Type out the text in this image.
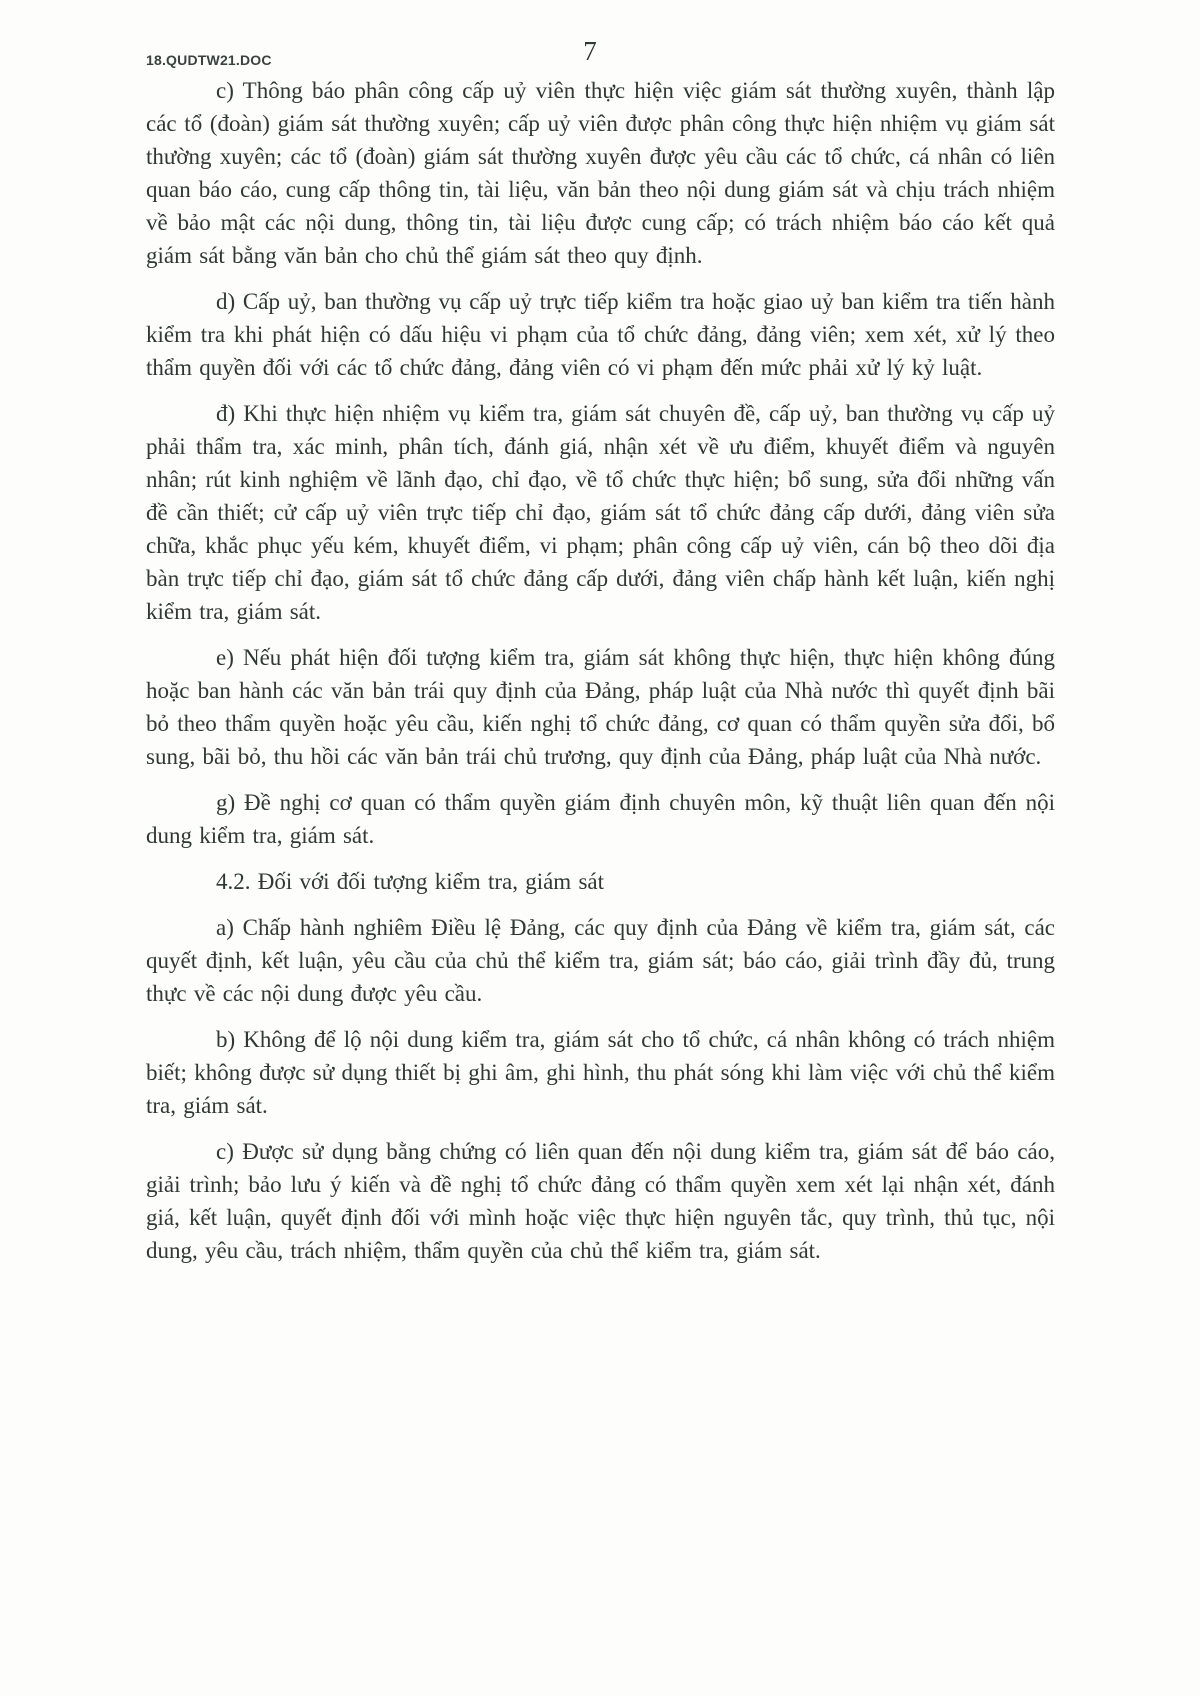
18.QUDTW21.DOC	7

c) Thông báo phân công cấp uỷ viên thực hiện việc giám sát thường xuyên, thành lập các tổ (đoàn) giám sát thường xuyên; cấp uỷ viên được phân công thực hiện nhiệm vụ giám sát thường xuyên; các tổ (đoàn) giám sát thường xuyên được yêu cầu các tổ chức, cá nhân có liên quan báo cáo, cung cấp thông tin, tài liệu, văn bản theo nội dung giám sát và chịu trách nhiệm về bảo mật các nội dung, thông tin, tài liệu được cung cấp; có trách nhiệm báo cáo kết quả giám sát bằng văn bản cho chủ thể giám sát theo quy định.

d) Cấp uỷ, ban thường vụ cấp uỷ trực tiếp kiểm tra hoặc giao uỷ ban kiểm tra tiến hành kiểm tra khi phát hiện có dấu hiệu vi phạm của tổ chức đảng, đảng viên; xem xét, xử lý theo thẩm quyền đối với các tổ chức đảng, đảng viên có vi phạm đến mức phải xử lý kỷ luật.

đ) Khi thực hiện nhiệm vụ kiểm tra, giám sát chuyên đề, cấp uỷ, ban thường vụ cấp uỷ phải thẩm tra, xác minh, phân tích, đánh giá, nhận xét về ưu điểm, khuyết điểm và nguyên nhân; rút kinh nghiệm về lãnh đạo, chỉ đạo, về tổ chức thực hiện; bổ sung, sửa đổi những vấn đề cần thiết; cử cấp uỷ viên trực tiếp chỉ đạo, giám sát tổ chức đảng cấp dưới, đảng viên sửa chữa, khắc phục yếu kém, khuyết điểm, vi phạm; phân công cấp uỷ viên, cán bộ theo dõi địa bàn trực tiếp chỉ đạo, giám sát tổ chức đảng cấp dưới, đảng viên chấp hành kết luận, kiến nghị kiểm tra, giám sát.

e) Nếu phát hiện đối tượng kiểm tra, giám sát không thực hiện, thực hiện không đúng hoặc ban hành các văn bản trái quy định của Đảng, pháp luật của Nhà nước thì quyết định bãi bỏ theo thẩm quyền hoặc yêu cầu, kiến nghị tổ chức đảng, cơ quan có thẩm quyền sửa đổi, bổ sung, bãi bỏ, thu hồi các văn bản trái chủ trương, quy định của Đảng, pháp luật của Nhà nước.

g) Đề nghị cơ quan có thẩm quyền giám định chuyên môn, kỹ thuật liên quan đến nội dung kiểm tra, giám sát.

4.2. Đối với đối tượng kiểm tra, giám sát

a) Chấp hành nghiêm Điều lệ Đảng, các quy định của Đảng về kiểm tra, giám sát, các quyết định, kết luận, yêu cầu của chủ thể kiểm tra, giám sát; báo cáo, giải trình đầy đủ, trung thực về các nội dung được yêu cầu.

b) Không để lộ nội dung kiểm tra, giám sát cho tổ chức, cá nhân không có trách nhiệm biết; không được sử dụng thiết bị ghi âm, ghi hình, thu phát sóng khi làm việc với chủ thể kiểm tra, giám sát.

c) Được sử dụng bằng chứng có liên quan đến nội dung kiểm tra, giám sát để báo cáo, giải trình; bảo lưu ý kiến và đề nghị tổ chức đảng có thẩm quyền xem xét lại nhận xét, đánh giá, kết luận, quyết định đối với mình hoặc việc thực hiện nguyên tắc, quy trình, thủ tục, nội dung, yêu cầu, trách nhiệm, thẩm quyền của chủ thể kiểm tra, giám sát.
